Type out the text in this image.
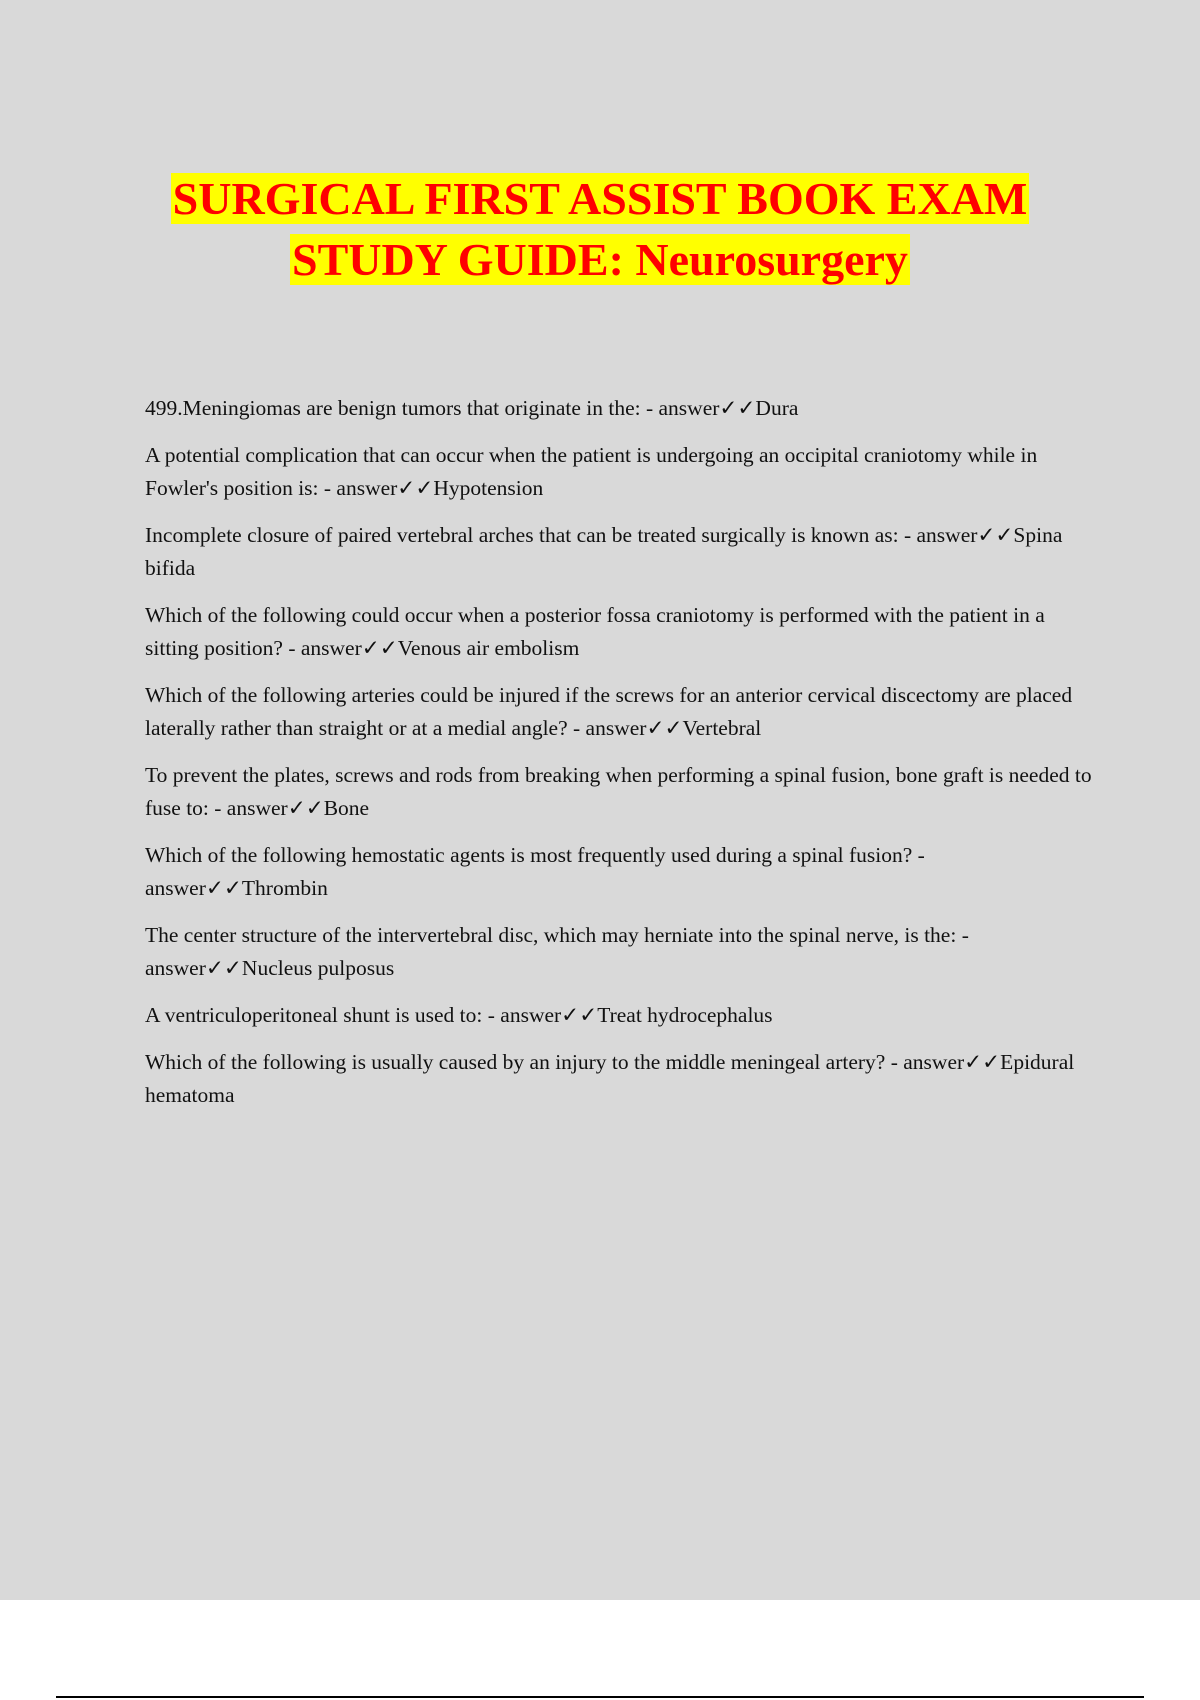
SURGICAL FIRST ASSIST BOOK EXAM
STUDY GUIDE: Neurosurgery
499.Meningiomas are benign tumors that originate in the: - answer✓✓Dura
A potential complication that can occur when the patient is undergoing an occipital craniotomy while in Fowler's position is: - answer✓✓Hypotension
Incomplete closure of paired vertebral arches that can be treated surgically is known as: - answer✓✓Spina bifida
Which of the following could occur when a posterior fossa craniotomy is performed with the patient in a sitting position? - answer✓✓Venous air embolism
Which of the following arteries could be injured if the screws for an anterior cervical discectomy are placed laterally rather than straight or at a medial angle? - answer✓✓Vertebral
To prevent the plates, screws and rods from breaking when performing a spinal fusion, bone graft is needed to fuse to: - answer✓✓Bone
Which of the following hemostatic agents is most frequently used during a spinal fusion? - answer✓✓Thrombin
The center structure of the intervertebral disc, which may herniate into the spinal nerve, is the: - answer✓✓Nucleus pulposus
A ventriculoperitoneal shunt is used to: - answer✓✓Treat hydrocephalus
Which of the following is usually caused by an injury to the middle meningeal artery? - answer✓✓Epidural hematoma
